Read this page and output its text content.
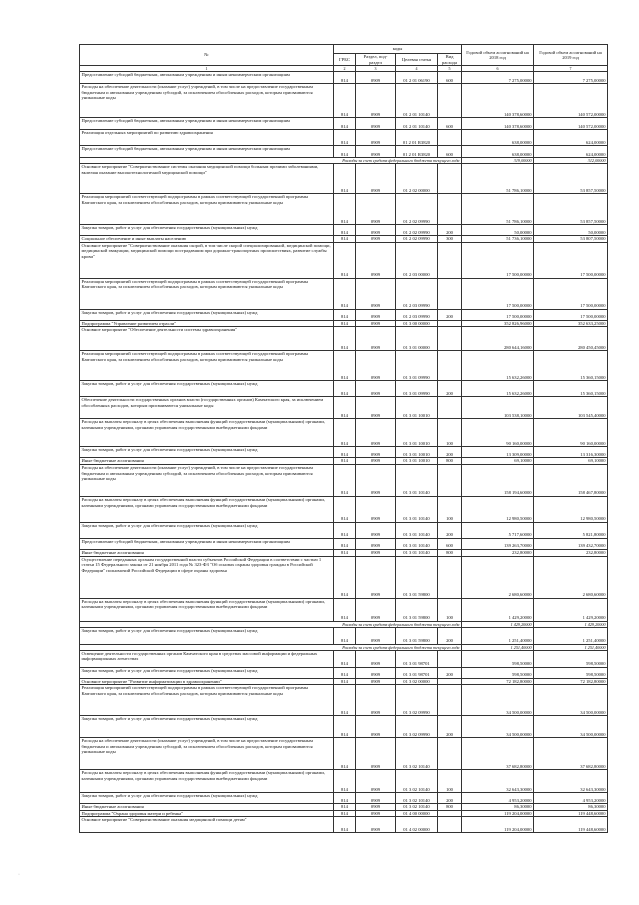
№	коды				Годовой объем ассигнований на 2018 год	Годовой объем ассигнований на 2019 год
	ГРБС	Раздел, под-раздел	Целевая статья	Вид расхода		
1	2	3	4	5	6	7
Предоставление субсидий бюджетным, автономным учреждениям и иным некоммерческим организациям	814	0909	01 2 01 06190	600	7 275,00000	7 275,00000
Расходы на обеспечение деятельности (оказание услуг) учреждений, в том числе на предоставление государственным бюджетным и автономным учреждениям субсидий, за исключением обособленных расходов, которым присваиваются уникальные коды	814	0909	01 2 01 10140		140 378,60000	140 572,00000
Предоставление субсидий бюджетным, автономным учреждениям и иным некоммерческим организациям	814	0909	01 2 01 10140	600	140 378,60000	140 572,00000
Реализация отдельных мероприятий по развитию здравоохранения	814	0909	01 2 01 R3820		638,00000	624,00000
Предоставление субсидий бюджетным, автономным учреждениям и иным некоммерческим организациям	814	0909	01 2 01 R3820	600	638,00000	624,00000
Расходы за счет средств федерального бюджета текущего года					319,00000	312,00000
Основное мероприятие "Совершенствование системы оказания медицинской помощи больным прочими заболеваниями, включая оказание высокотехнологичной медицинской помощи"	814	0909	01 2 02 00000		51 786,10000	53 857,50000
Реализация мероприятий соответствующей подпрограммы в рамках соответствующей государственной программы Камчатского края, за исключением обособленных расходов, которым присваиваются уникальные коды	814	0909	01 2 02 09990		51 786,10000	53 857,50000
Закупка товаров, работ и услуг для обеспечения государственных (муниципальных) нужд	814	0909	01 2 02 09990	200	50,00000	50,00000
Социальное обеспечение и иные выплаты населению	814	0909	01 2 02 09990	300	51 736,10000	53 807,50000
Основное мероприятие "Совершенствование оказания скорой, в том числе скорой специализированной, медицинской помощи, медицинской эвакуации, медицинской помощи пострадавшим при дорожно-транспортных происшествиях, развитие службы крови"	814	0909	01 2 03 00000		17 500,00000	17 500,00000
Реализация мероприятий соответствующей подпрограммы в рамках соответствующей государственной программы Камчатского края, за исключением обособленных расходов, которым присваиваются уникальные коды	814	0909	01 2 03 09990		17 500,00000	17 500,00000
Закупка товаров, работ и услуг для обеспечения государственных (муниципальных) нужд	814	0909	01 2 03 09990	200	17 500,00000	17 500,00000
Подпрограмма "Управление развитием отрасли"	814	0909	01 3 00 00000		352 826,96000	352 633,25000
Основное мероприятие "Обеспечение деятельности системы здравоохранения"	814	0909	01 3 01 00000		280 644,16000	280 450,45000
Реализация мероприятий соответствующей подпрограммы в рамках соответствующей государственной программы Камчатского края, за исключением обособленных расходов, которым присваиваются уникальные коды	814	0909	01 3 01 09990		15 632,26000	15 360,15000
Закупка товаров, работ и услуг для обеспечения государственных (муниципальных) нужд	814	0909	01 3 01 09990	200	15 632,26000	15 360,15000
Обеспечение деятельности государственных органов власти (государственных органов) Камчатского края, за исключением обособленных расходов, которым присваиваются уникальные коды	814	0909	01 3 01 10010		103 538,10000	103 545,40000
Расходы на выплаты персоналу в целях обеспечения выполнения функций государственными (муниципальными) органами, казенными учреждениями, органами управления государственными внебюджетными фондами	814	0909	01 3 01 10010	100	90 160,00000	90 160,00000
Закупка товаров, работ и услуг для обеспечения государственных (муниципальных) нужд	814	0909	01 3 01 10010	200	13 309,00000	13 316,30000
Иные бюджетные ассигнования	814	0909	01 3 01 10010	800	69,10000	69,10000
Расходы на обеспечение деятельности (оказание услуг) учреждений, в том числе на предоставление государственным бюджетным и автономным учреждениям субсидий, за исключением обособленных расходов, которым присваиваются уникальные коды	814	0909	01 3 01 10140		158 194,60000	158 467,80000
Расходы на выплаты персоналу в целях обеспечения выполнения функций государственными (муниципальными) органами, казенными учреждениями, органами управления государственными внебюджетными фондами	814	0909	01 3 01 10140	100	12 980,50000	12 980,50000
Закупка товаров, работ и услуг для обеспечения государственных (муниципальных) нужд	814	0909	01 3 01 10140	200	5 717,60000	5 821,80000
Предоставление субсидий бюджетным, автономным учреждениям и иным некоммерческим организациям	814	0909	01 3 01 10140	600	139 263,70000	139 432,70000
Иные бюджетные ассигнования	814	0909	01 3 01 10140	800	232,80000	232,80000
Осуществление переданных органам государственной власти субъектов Российской Федерации в соответствии с частью 1 статьи 15 Федерального закона от 21 ноября 2011 года № 323-ФЗ "Об основах охраны здоровья граждан в Российской Федерации" полномочий Российской Федерации в сфере охраны здоровья	814	0909	01 3 01 59800		2 680,60000	2 680,60000
Расходы на выплаты персоналу в целях обеспечения выполнения функций государственными (муниципальными) органами, казенными учреждениями, органами управления государственными внебюджетными фондами	814	0909	01 3 01 59800	100	1 429,20000	1 429,20000
Расходы за счет средств федерального бюджета текущего года					1 429,20000	1 429,20000
Закупка товаров, работ и услуг для обеспечения государственных (муниципальных) нужд	814	0909	01 3 01 59800	200	1 251,40000	1 251,40000
Расходы за счет средств федерального бюджета текущего года					1 251,40000	1 251,40000
Освещение деятельности государственных органов Камчатского края в средствах массовой информации и федеральных информационных агентствах	814	0909	01 3 01 98701		598,50000	598,50000
Закупка товаров, работ и услуг для обеспечения государственных (муниципальных) нужд	814	0909	01 3 01 98701	200	598,50000	598,50000
Основное мероприятие "Развитие информатизации в здравоохранении"	814	0909	01 3 02 00000		72 182,80000	72 182,80000
Реализация мероприятий соответствующей подпрограммы в рамках соответствующей государственной программы Камчатского края, за исключением обособленных расходов, которым присваиваются уникальные коды	814	0909	01 3 02 09990		34 500,00000	34 500,00000
Закупка товаров, работ и услуг для обеспечения государственных (муниципальных) нужд	814	0909	01 3 02 09990	200	34 500,00000	34 500,00000
Расходы на обеспечение деятельности (оказание услуг) учреждений, в том числе на предоставление государственным бюджетным и автономным учреждениям субсидий, за исключением обособленных расходов, которым присваиваются уникальные коды	814	0909	01 3 02 10140		37 682,80000	37 682,80000
Расходы на выплаты персоналу в целях обеспечения выполнения функций государственными (муниципальными) органами, казенными учреждениями, органами управления государственными внебюджетными фондами	814	0909	01 3 02 10140	100	32 643,30000	32 643,30000
Закупка товаров, работ и услуг для обеспечения государственных (муниципальных) нужд	814	0909	01 3 02 10140	200	4 953,20000	4 953,20000
Иные бюджетные ассигнования	814	0909	01 3 02 10140	800	86,30000	86,30000
Подпрограмма "Охрана здоровья матери и ребенка"	814	0909	01 4 00 00000		119 204,00000	119 448,60000
Основное мероприятие "Совершенствование оказания медицинской помощи детям"	814	0909	01 4 02 00000		119 204,00000	119 448,60000
·
